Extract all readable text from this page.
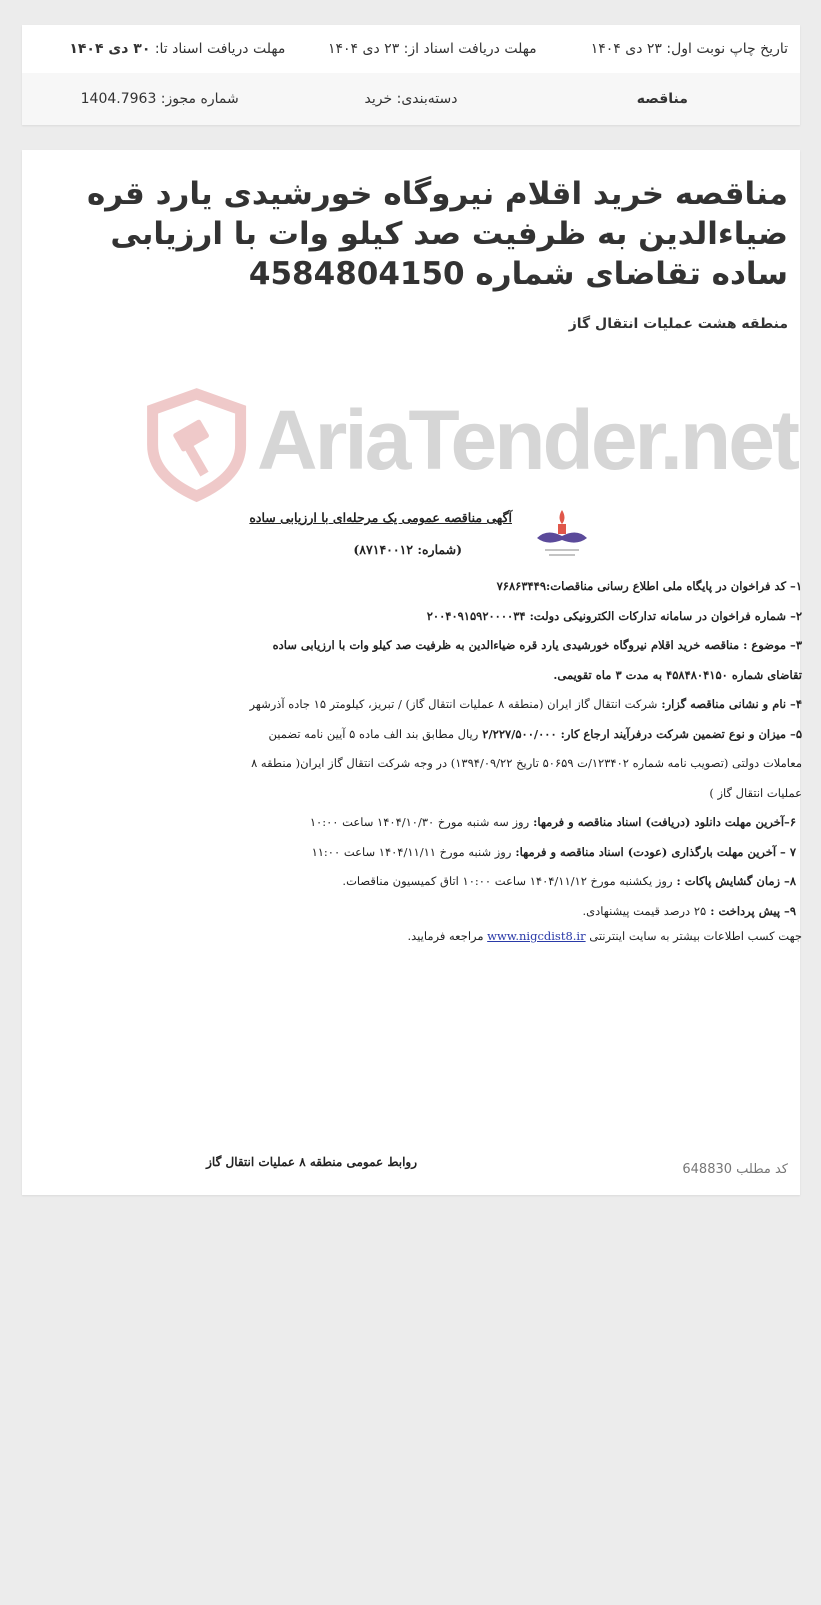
تاریخ چاپ نوبت اول: ۲۳ دی ۱۴۰۴
مهلت دریافت اسناد از: ۲۳ دی ۱۴۰۴
مهلت دریافت اسناد تا: ۳۰ دی ۱۴۰۴
مناقصه
دسته‌بندی: خرید
شماره مجوز: 1404.7963
مناقصه خرید اقلام نیروگاه خورشیدی یارد قره ضیاءالدین به ظرفیت صد کیلو وات با ارزیابی ساده تقاضای شماره 4584804150
منطقه هشت عملیات انتقال گاز
AriaTender.net
آگهی مناقصه عمومی یک مرحله‌ای با ارزیابی ساده
(شماره: ۸۷۱۴۰۰۱۲)

۱– کد فراخوان در پایگاه ملی اطلاع رسانی مناقصات:۷۶۸۶۳۴۴۹

۲– شماره فراخوان در سامانه تدارکات الکترونیکی دولت: ۲۰۰۴۰۹۱۵۹۲۰۰۰۰۳۴

۳– موضوع : مناقصه خرید اقلام نیروگاه خورشیدی یارد قره ضیاءالدین به ظرفیت صد کیلو وات با ارزیابی ساده

تقاضای شماره ۴۵۸۴۸۰۴۱۵۰ به مدت ۳ ماه تقویمی.

۴– نام و نشانی مناقصه گزار: شرکت انتقال گاز ایران (منطقه ۸ عملیات انتقال گاز) / تبریز، کیلومتر ۱۵ جاده آذرشهر

۵– میزان و نوع تضمین شرکت درفرآیند ارجاع کار: ۲/۲۲۷/۵۰۰/۰۰۰ ریال مطابق بند الف ماده ۵ آیین نامه تضمین

معاملات دولتی (تصویب نامه شماره ۱۲۳۴۰۲/ت ۵۰۶۵۹ تاریخ ۱۳۹۴/۰۹/۲۲) در وجه شرکت انتقال گاز ایران( منطقه ۸

عملیات انتقال گاز )

۶–آخرین مهلت دانلود (دریافت) اسناد مناقصه و فرمها: روز سه شنبه مورخ ۱۴۰۴/۱۰/۳۰ ساعت ۱۰:۰۰

۷ – آخرین مهلت بارگذاری (عودت) اسناد مناقصه و فرمها: روز شنبه مورخ ۱۴۰۴/۱۱/۱۱ ساعت ۱۱:۰۰

۸– زمان گشایش پاکات : روز یکشنبه مورخ ۱۴۰۴/۱۱/۱۲ ساعت ۱۰:۰۰ اتاق کمیسیون مناقصات.

۹– پیش پرداخت : ۲۵ درصد قیمت پیشنهادی.

جهت کسب اطلاعات بیشتر به سایت اینترنتی www.nigcdist8.ir مراجعه فرمایید.

روابط عمومی منطقه ۸ عملیات انتقال گاز	کد مطلب 648830
